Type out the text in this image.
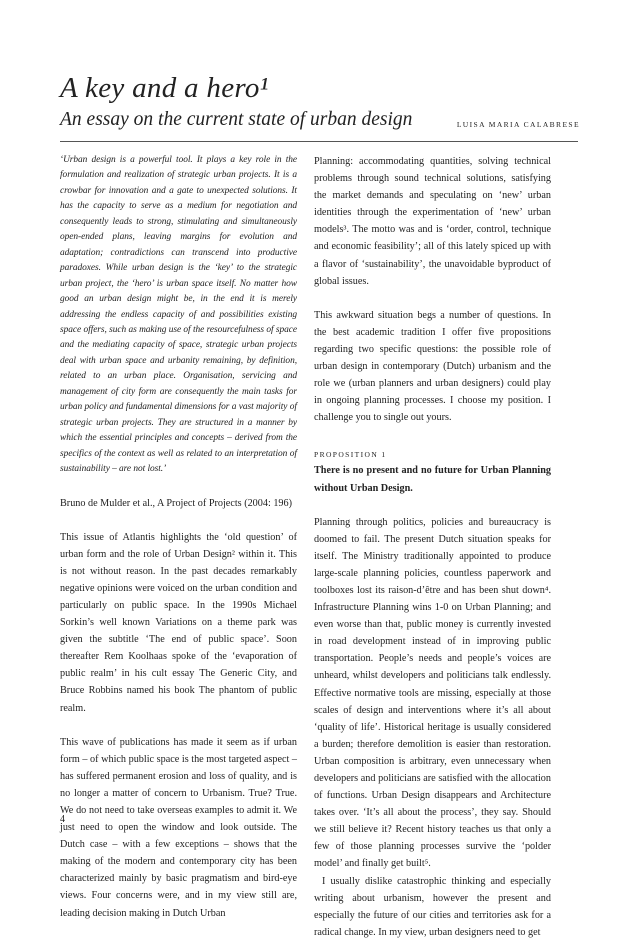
A key and a hero¹
An essay on the current state of urban design	LUISA MARIA CALABRESE

‘Urban design is a powerful tool. It plays a key role in the formulation and realization of strategic urban projects. It is a crowbar for innovation and a gate to unexpected solutions. It has the capacity to serve as a medium for negotiation and consequently leads to strong, stimulating and simultaneously open-ended plans, leaving margins for evolution and adaptation; contradictions can transcend into productive paradoxes. While urban design is the ‘key’ to the strategic urban project, the ‘hero’ is urban space itself. No matter how good an urban design might be, in the end it is merely addressing the endless capacity of and possibilities existing space offers, such as making use of the resourcefulness of space and the mediating capacity of space, strategic urban projects deal with urban space and urbanity remaining, by definition, related to an urban place. Organisation, servicing and management of city form are consequently the main tasks for urban policy and fundamental dimensions for a vast majority of strategic urban projects. They are structured in a manner by which the essential principles and concepts – derived from the specifics of the context as well as related to an interpretation of sustainability – are not lost.’

Bruno de Mulder et al., A Project of Projects (2004: 196)

This issue of Atlantis highlights the ‘old question’ of urban form and the role of Urban Design² within it. This is not without reason. In the past decades remarkably negative opinions were voiced on the urban condition and particularly on public space. In the 1990s Michael Sorkin’s well known Variations on a theme park was given the subtitle ‘The end of public space’. Soon thereafter Rem Koolhaas spoke of the ‘evaporation of public realm’ in his cult essay The Generic City, and Bruce Robbins named his book The phantom of public realm.

This wave of publications has made it seem as if urban form – of which public space is the most targeted aspect – has suffered permanent erosion and loss of quality, and is no longer a matter of concern to Urbanism. True? True. We do not need to take overseas examples to admit it. We just need to open the window and look outside. The Dutch case – with a few exceptions – shows that the making of the modern and contemporary city has been characterized mainly by basic pragmatism and bird-eye views. Four concerns were, and in my view still are, leading decision making in Dutch Urban

Planning: accommodating quantities, solving technical problems through sound technical solutions, satisfying the market demands and speculating on ‘new’ urban identities through the experimentation of ‘new’ urban models³. The motto was and is ‘order, control, technique and economic feasibility’; all of this lately spiced up with a flavor of ‘sustainability’, the unavoidable byproduct of global issues.

This awkward situation begs a number of questions. In the best academic tradition I offer five propositions regarding two specific questions: the possible role of urban design in contemporary (Dutch) urbanism and the role we (urban planners and urban designers) could play in ongoing planning processes. I choose my position. I challenge you to single out yours.

PROPOSITION 1

There is no present and no future for Urban Planning without Urban Design.

Planning through politics, policies and bureaucracy is doomed to fail. The present Dutch situation speaks for itself. The Ministry traditionally appointed to produce large-scale planning policies, countless paperwork and toolboxes lost its raison-d’être and has been shut down⁴. Infrastructure Planning wins 1-0 on Urban Planning; and even worse than that, public money is currently invested in road development instead of in improving public transportation. People’s needs and people’s voices are unheard, whilst developers and politicians talk endlessly. Effective normative tools are missing, especially at those scales of design and interventions where it’s all about ‘quality of life’. Historical heritage is usually considered a burden; therefore demolition is easier than restoration. Urban composition is arbitrary, even unnecessary when developers and politicians are satisfied with the allocation of functions. Urban Design disappears and Architecture takes over. ‘It’s all about the process’, they say. Should we still believe it? Recent history teaches us that only a few of those planning processes survive the ‘polder model’ and finally get built⁵.

I usually dislike catastrophic thinking and especially writing about urbanism, however the present and especially the future of our cities and territories ask for a radical change. In my view, urban designers need to get

4
